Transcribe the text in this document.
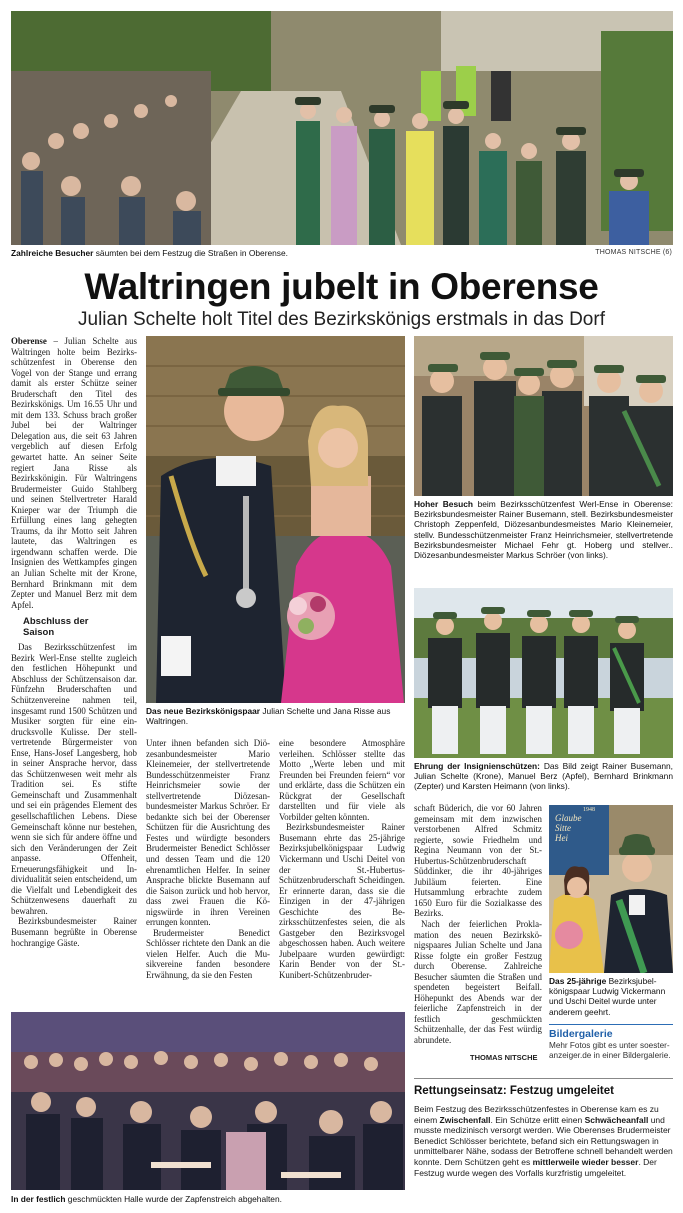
Zahlreiche Besucher säumten bei dem Festzug die Straßen in Oberense.	THOMAS NITSCHE (6)
Waltringen jubelt in Oberense
Julian Schelte holt Titel des Bezirkskönigs erstmals in das Dorf

Oberense – Julian Schelte aus Waltringen holte beim Bezirksschützenfest in Oberense den Vogel von der Stange und errang damit als erster Schütze seiner Bruderschaft den Titel des Bezirkskönigs. Um 16.55 Uhr und mit dem 133. Schuss brach großer Jubel bei der Waltringer Delegation aus, die seit 63 Jahren vergeblich auf diesen Erfolg gewartet hatte. An seiner Seite regiert Jana Risse als Bezirkskönigin. Für Waltringens Brudermeister Guido Stahlberg und seinen Stellvertreter Harald Knieper war der Triumph die Erfüllung eines lang gehegten Traums, da ihr Motto seit Jahren lautete, das Waltringen es irgendwann schaffen werde. Die Insignien des Wettkampfes gingen an Julian Schelte mit der Krone, Bernhard Brinkmann mit dem Zepter und Manuel Berz mit dem Apfel.

Abschluss der
Saison

Das Bezirksschützenfest im Bezirk Werl-Ense stellte zugleich den festlichen Höhepunkt und Abschluss der Schützensaison dar. Fünfzehn Bruderschaften und Schützenvereine nahmen teil, insgesamt rund 1500 Schützen und Musiker sorgten für eine eindrucksvolle Kulisse. Der stellvertretende Bürgermeister von Ense, Hans-Josef Langesberg, hob in seiner Ansprache hervor, dass das Schützenwesen weit mehr als Tradition sei. Es stifte Gemeinschaft und Zusammenhalt und sei ein prägendes Element des gesellschaftlichen Lebens. Diese Gemeinschaft könne nur bestehen, wenn sie sich für andere öffne und sich den Veränderungen der Zeit anpasse. Offenheit, Erneuerungsfähigkeit und Individualität seien entscheidend, um die Vielfalt und Lebendigkeit des Schützenwesens dauerhaft zu bewahren.

Bezirksbundesmeister Rainer Busemann begrüßte in Oberense hochrangige Gäste.

Das neue Bezirkskönigspaar Julian Schelte und Jana Risse aus Waltringen.

Unter ihnen befanden sich Diözesanbundesmeister Mario Kleinemeier, der stellvertretende Bundesschützenmeister Franz Heinrichsmeier sowie der stellvertretende Diözesanbundesmeister Markus Schröer. Er bedankte sich bei der Oberenser Schützen für die Ausrichtung des Festes und würdigte besonders Brudermeister Benedict Schlösser und dessen Team und die 120 ehrenamtlichen Helfer. In seiner Ansprache blickte Busemann auf die Saison zurück und hob hervor, dass zwei Frauen die Königswürde in ihren Vereinen errungen konnten.

Brudermeister Benedict Schlösser richtete den Dank an die vielen Helfer. Auch die Musikvereine fanden besondere Erwähnung, da sie den Festen

eine besondere Atmosphäre verleihen. Schlösser stellte das Motto „Werte leben und mit Freunden bei Freunden feiern“ vor und erklärte, dass die Schützen ein Rückgrat der Gesellschaft darstellten und für viele als Vorbilder gelten könnten.

Bezirksbundesmeister Rainer Busemann ehrte das 25-jährige Bezirksjubelkönigspaar Ludwig Vickermann und Uschi Deitel von der St.-Hubertus-Schützenbruderschaft Scheidingen. Er erinnerte daran, dass sie die Einzigen in der 47-jährigen Geschichte des Bezirksschützenfestes seien, die als Gastgeber den Bezirksvogel abgeschossen haben. Auch weitere Jubelpaare wurden gewürdigt: Karin Bender von der St.-Kunibert-Schützenbruder-

Hoher Besuch beim Bezirksschützenfest Werl-Ense in Oberense: Bezirksbundesmeister Rainer Busemann, stell. Bezirksbundesmeister Christoph Zeppenfeld, Diözesanbundesmeistes Mario Kleinemeier, stellv. Bundesschützenmeister Franz Heinrichsmeier, stellvertretende Bezirksbundesmeister Michael Fehr gt. Hoberg und stellver.. Diözesanbundesmeister Markus Schröer (von links).
Ehrung der Insignienschützen: Das Bild zeigt Rainer Busemann, Julian Schelte (Krone), Manuel Berz (Apfel), Bernhard Brinkmann (Zepter) und Karsten Heimann (von links).

schaft Büderich, die vor 60 Jahren gemeinsam mit dem inzwischen verstorbenen Alfred Schmitz regierte, sowie Friedhelm und Regina Neumann von der St.-Hubertus-Schützenbruderschaft Süddinker, die ihr 40-jähriges Jubiläum feierten. Eine Hutsammlung erbrachte zudem 1650 Euro für die Sozialkasse des Bezirks.

Nach der feierlichen Proklamation des neuen Bezirkskönigspaares Julian Schelte und Jana Risse folgte ein großer Festzug durch Oberense. Zahlreiche Besucher säumten die Straßen und spendeten begeistert Beifall. Höhepunkt des Abends war der feierliche Zapfenstreich in der festlich geschmückten Schützenhalle, der das Fest würdig abrundete.

THOMAS NITSCHE
Glaube
Sitte
Hei
1948
Das 25-jährige Bezirksjubelkönigspaar Ludwig Vickermann und Uschi Deitel wurde unter anderem geehrt.
Bildergalerie
Mehr Fotos gibt es unter soesteranzeiger.de in einer Bildergalerie.
In der festlich geschmückten Halle wurde der Zapfenstreich abgehalten.
Rettungseinsatz: Festzug umgeleitet
Beim Festzug des Bezirksschützenfestes in Oberense kam es zu einem Zwischenfall. Ein Schütze erlitt einen Schwächeanfall und musste medizinisch versorgt werden. Wie Oberenses Brudermeister Benedict Schlösser berichtete, befand sich ein Rettungswagen in unmittelbarer Nähe, sodass der Betroffene schnell behandelt werden konnte. Dem Schützen geht es mittlerweile wieder besser. Der Festzug wurde wegen des Vorfalls kurzfristig umgeleitet.
